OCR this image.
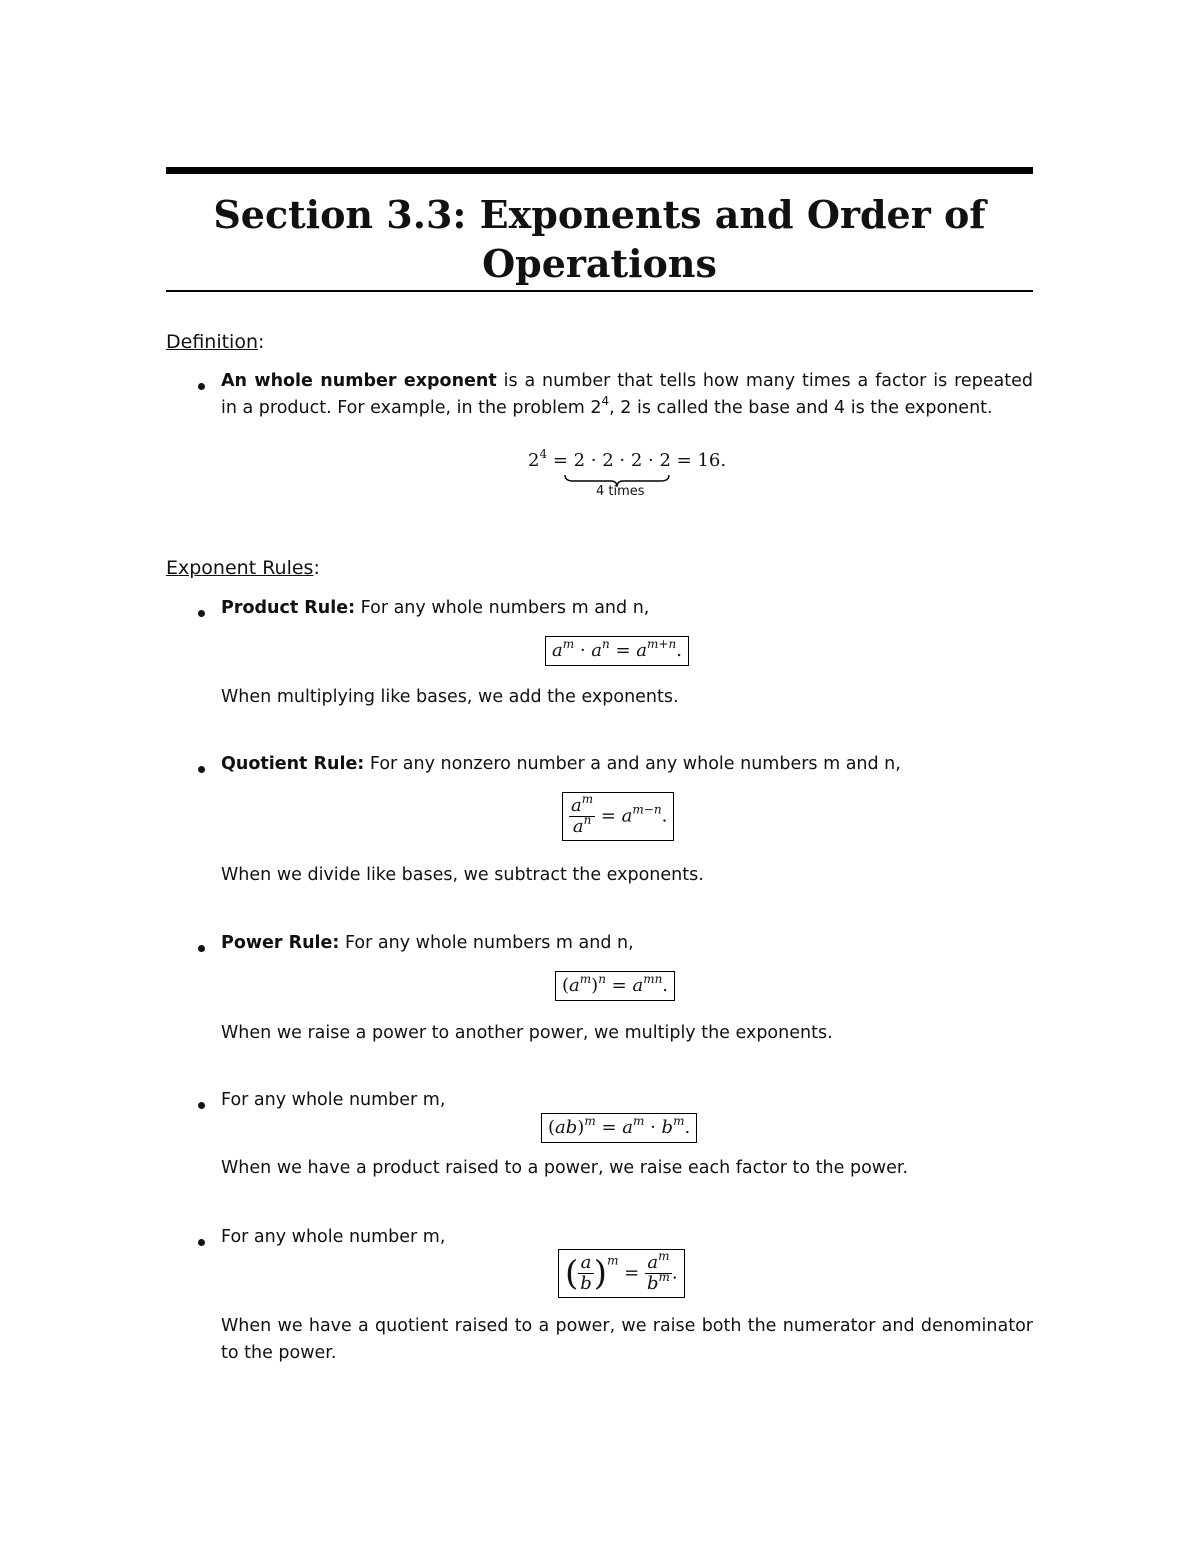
Section 3.3: Exponents and Order of Operations
Definition:
An whole number exponent is a number that tells how many times a factor is repeated in a product. For example, in the problem $2^4$, 2 is called the base and 4 is the exponent.
$2^4 = 2 \cdot 2 \cdot 2 \cdot 2 = 16$.
4 times
Exponent Rules:
Product Rule: For any whole numbers m and n,
$a^m \cdot a^n = a^{m+n}$.
When multiplying like bases, we add the exponents.
Quotient Rule: For any nonzero number a and any whole numbers m and n,
$\frac{a^m}{a^n} = a^{m-n}$.
When we divide like bases, we subtract the exponents.
Power Rule: For any whole numbers m and n,
$(a^m)^n = a^{mn}$.
When we raise a power to another power, we multiply the exponents.
For any whole number m,
$(ab)^m = a^m \cdot b^m$.
When we have a product raised to a power, we raise each factor to the power.
For any whole number m,
( $\frac{a}{b} )^m = \frac{a^m}{b^m}$ .
When we have a quotient raised to a power, we raise both the numerator and denominator to the power.
